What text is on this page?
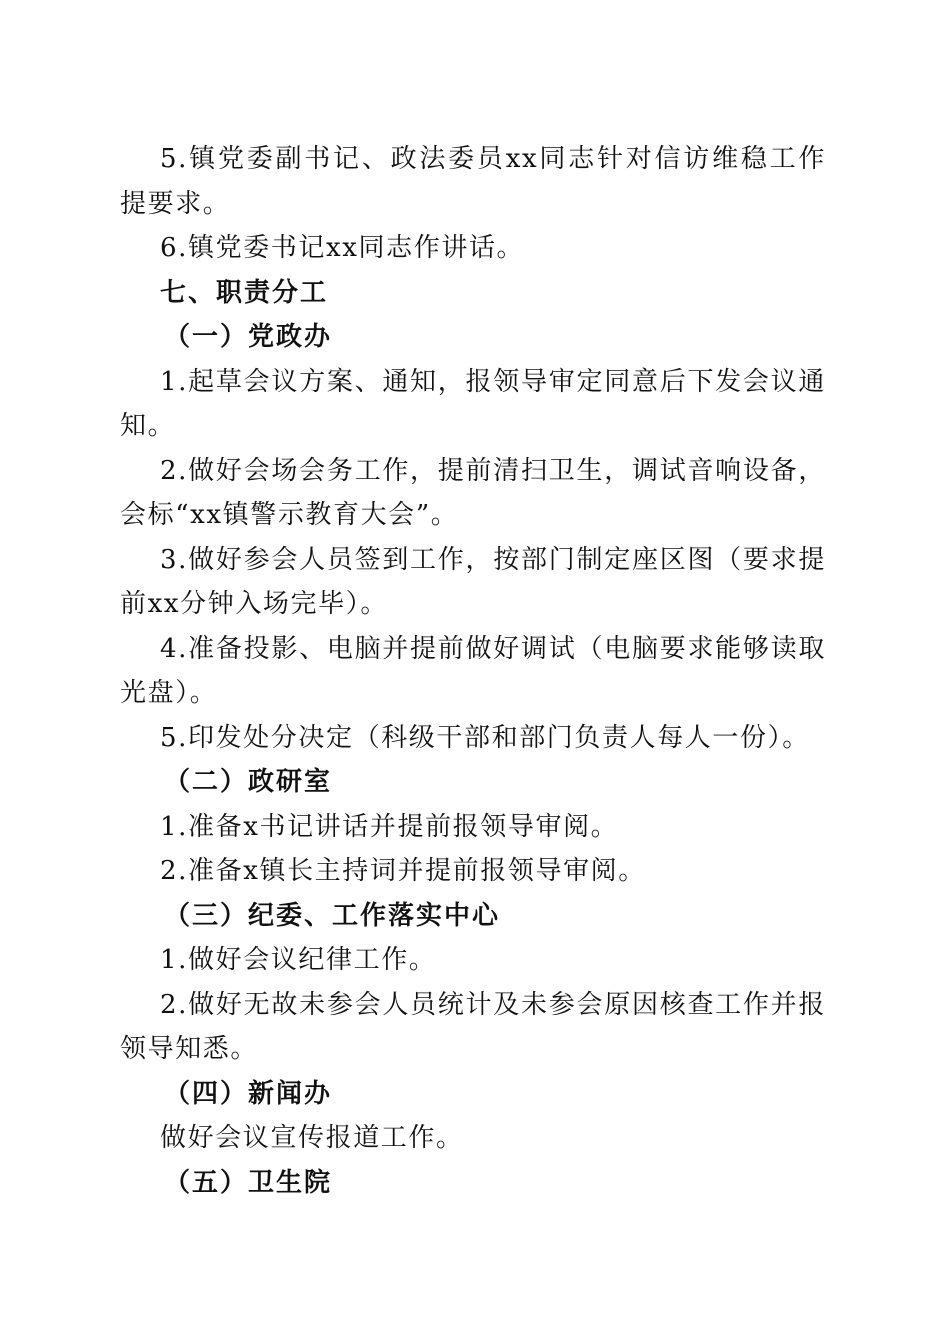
5.镇党委副书记、政法委员xx同志针对信访维稳工作提要求。

6.镇党委书记xx同志作讲话。

七、职责分工

（一）党政办

1.起草会议方案、通知，报领导审定同意后下发会议通知。

2.做好会场会务工作，提前清扫卫生，调试音响设备，会标“xx镇警示教育大会”。

3.做好参会人员签到工作，按部门制定座区图（要求提前xx分钟入场完毕）。

4.准备投影、电脑并提前做好调试（电脑要求能够读取光盘）。

5.印发处分决定（科级干部和部门负责人每人一份）。

（二）政研室

1.准备x书记讲话并提前报领导审阅。

2.准备x镇长主持词并提前报领导审阅。

（三）纪委、工作落实中心

1.做好会议纪律工作。

2.做好无故未参会人员统计及未参会原因核查工作并报领导知悉。

（四）新闻办

做好会议宣传报道工作。

（五）卫生院
